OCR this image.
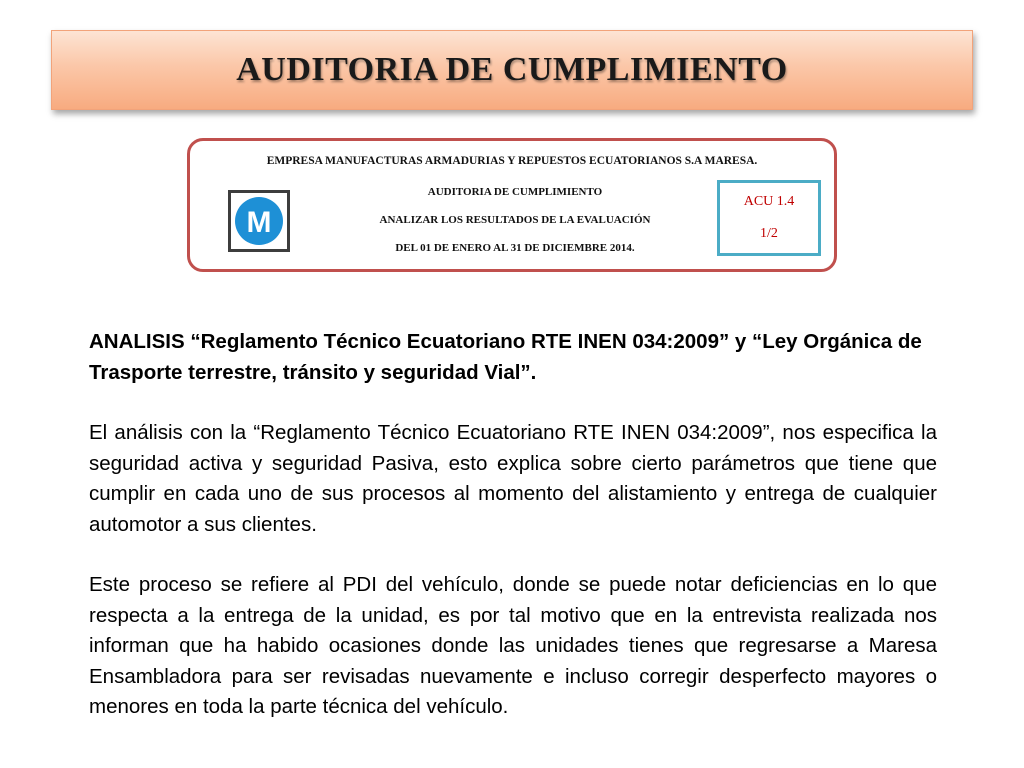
AUDITORIA DE CUMPLIMIENTO
EMPRESA MANUFACTURAS ARMADURIAS Y REPUESTOS ECUATORIANOS S.A MARESA.
M
AUDITORIA DE CUMPLIMIENTO
ANALIZAR LOS RESULTADOS DE LA EVALUACIÓN
DEL 01 DE ENERO AL 31 DE DICIEMBRE 2014.
ACU 1.4
1/2

ANALISIS “Reglamento Técnico Ecuatoriano RTE INEN 034:2009” y “Ley Orgánica de Trasporte terrestre, tránsito y seguridad Vial”.

El análisis con la “Reglamento Técnico Ecuatoriano RTE INEN 034:2009”, nos especifica la seguridad activa y seguridad Pasiva, esto explica sobre cierto parámetros que tiene que cumplir en cada uno de sus procesos al momento del alistamiento y entrega de cualquier automotor a sus clientes.

Este proceso se refiere al PDI del vehículo, donde se puede notar deficiencias en lo que respecta a la entrega de la unidad, es por tal motivo que en la entrevista realizada nos informan que ha habido ocasiones donde las unidades tienes que regresarse a Maresa Ensambladora para ser revisadas nuevamente e incluso corregir desperfecto mayores o menores en toda la parte técnica del vehículo.
